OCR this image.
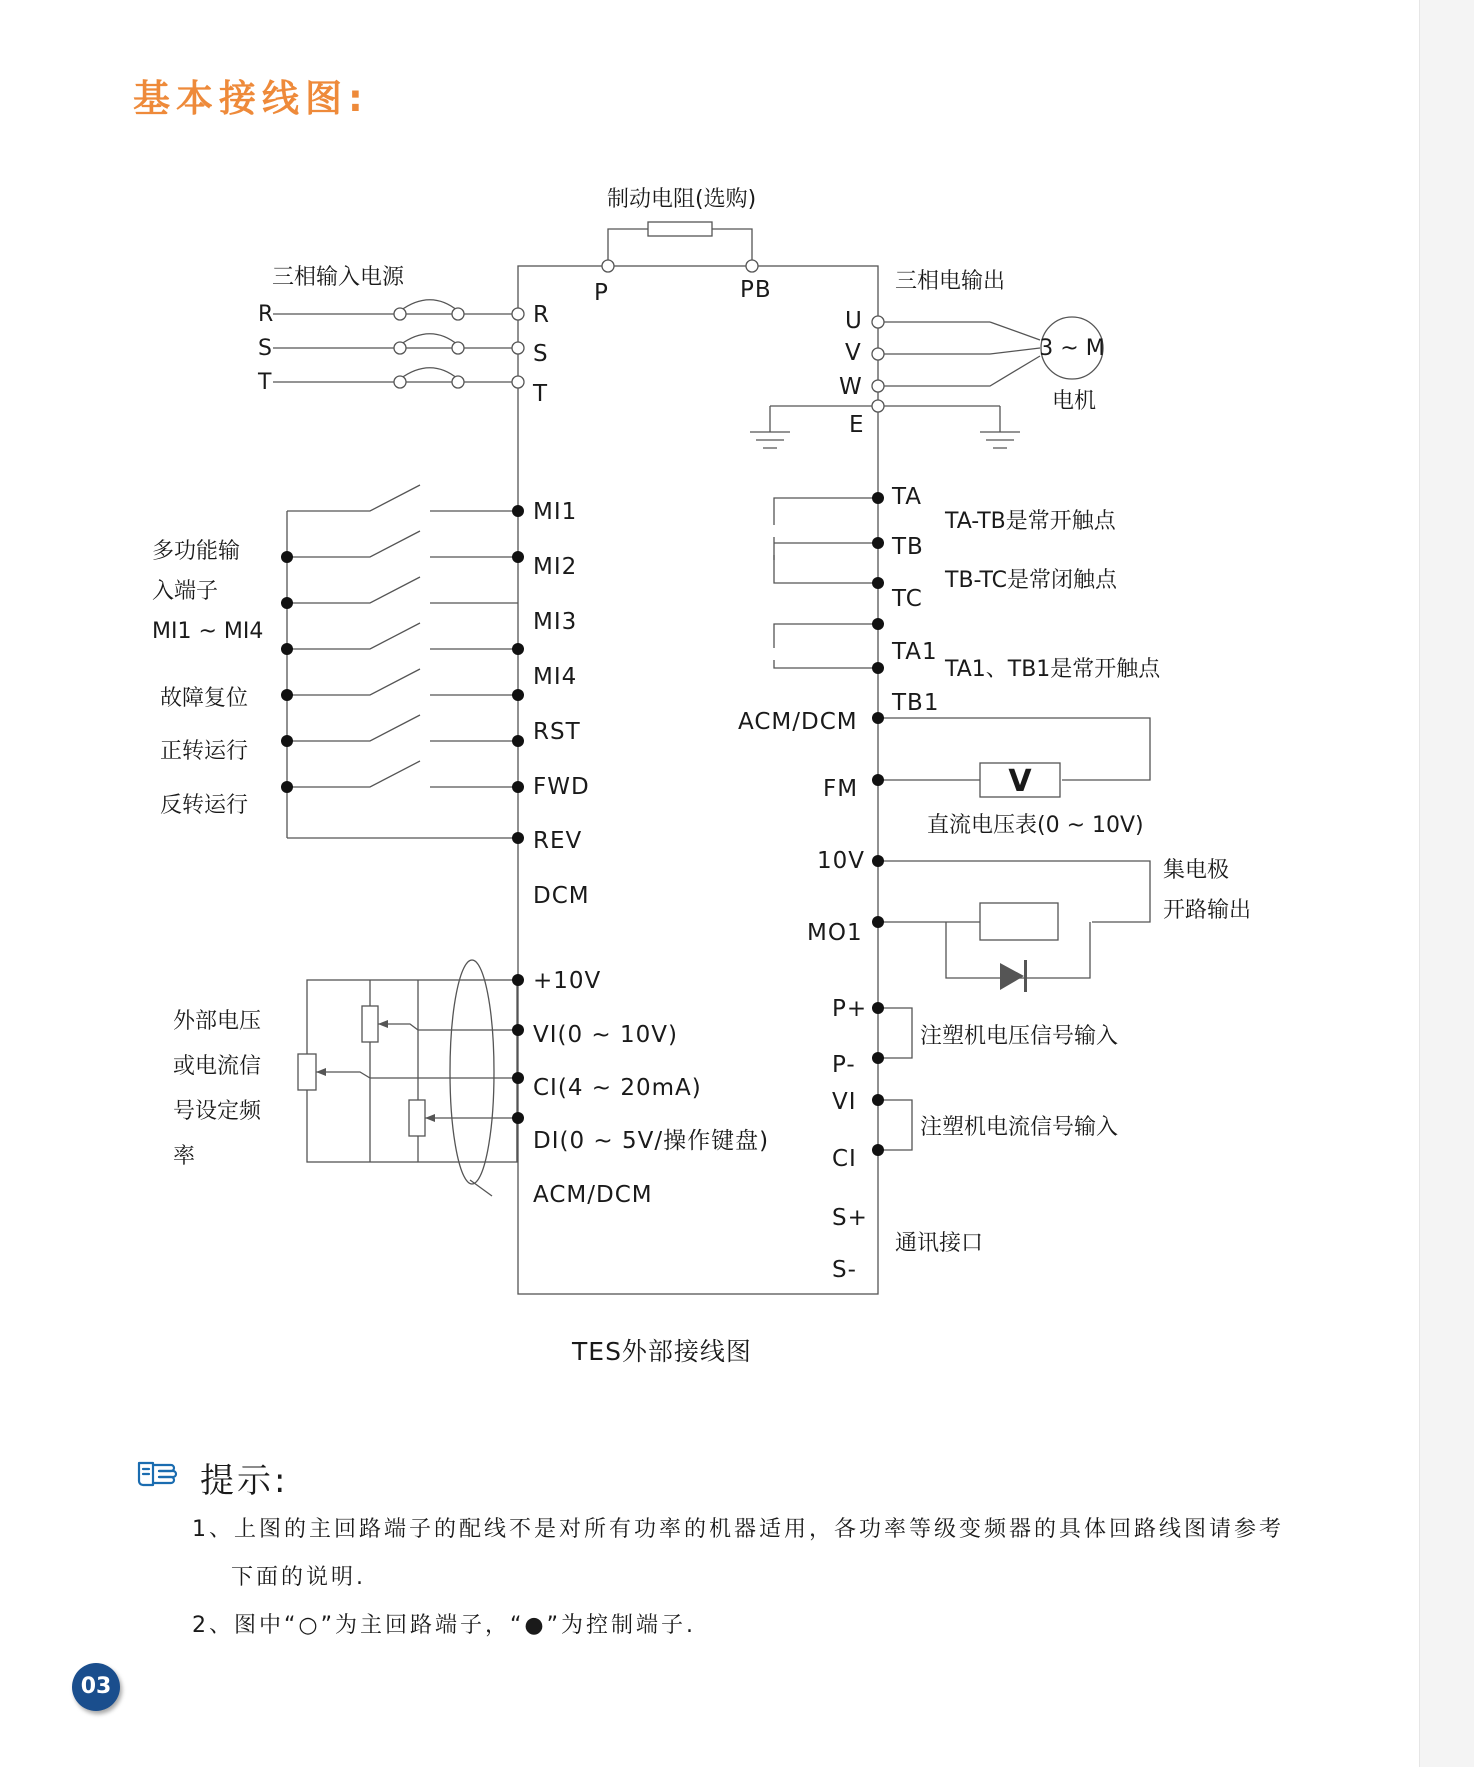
基本接线图:
制动电阻(选购)
P	PB
三相输入电源
R
S
T
R
S
T
三相电输出
U
V
W
E
3 ~ M
电机
多功能输
入端子
MI1 ~ MI4
故障复位
正转运行
反转运行
MI1
MI2
MI3
MI4
RST
FWD
REV
DCM
TA
TB
TC
TA1
TB1
TA-TB是常开触点
TB-TC是常闭触点
TA1、TB1是常开触点
ACM/DCM
FM	V
直流电压表(0 ~ 10V)
10V
MO1
集电极
开路输出
外部电压
或电流信
号设定频
率
+10V
VI(0 ~ 10V)
CI(4 ~ 20mA)
DI(0 ~ 5V/操作键盘)
ACM/DCM
P+
P-
VI
CI
注塑机电压信号输入
注塑机电流信号输入
S+
S-
通讯接口
TES外部接线图
提示:
1、上图的主回路端子的配线不是对所有功率的机器适用，各功率等级变频器的具体回路线图请参考
下面的说明.
2、图中“○”为主回路端子，“●”为控制端子.
03
